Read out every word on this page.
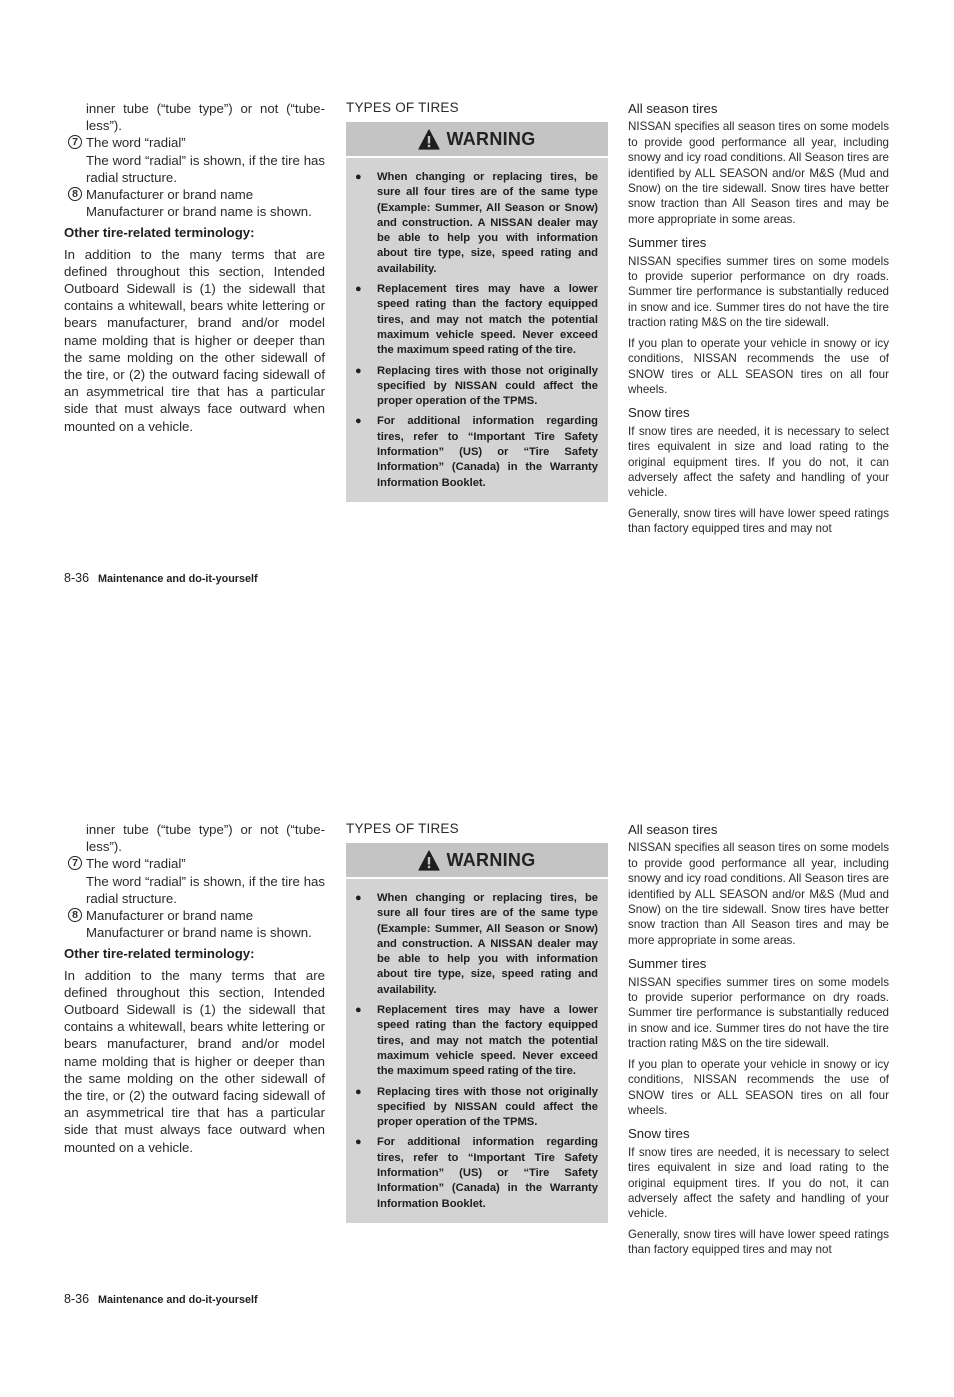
inner tube (“tube type”) or not (“tube-less”).
7 The word “radial”
The word “radial” is shown, if the tire has radial structure.
8 Manufacturer or brand name
Manufacturer or brand name is shown.
Other tire-related terminology:
In addition to the many terms that are defined throughout this section, Intended Outboard Sidewall is (1) the sidewall that contains a whitewall, bears white lettering or bears manufacturer, brand and/or model name molding that is higher or deeper than the same molding on the other sidewall of the tire, or (2) the outward facing sidewall of an asymmetrical tire that has a particular side that must always face outward when mounted on a vehicle.
TYPES OF TIRES
WARNING
●	When changing or replacing tires, be sure all four tires are of the same type (Example: Summer, All Season or Snow) and construction. A NISSAN dealer may be able to help you with information about tire type, size, speed rating and availability.
●	Replacement tires may have a lower speed rating than the factory equipped tires, and may not match the potential maximum vehicle speed. Never exceed the maximum speed rating of the tire.
●	Replacing tires with those not originally specified by NISSAN could affect the proper operation of the TPMS.
●	For additional information regarding tires, refer to “Important Tire Safety Information” (US) or “Tire Safety Information” (Canada) in the Warranty Information Booklet.
All season tires
NISSAN specifies all season tires on some models to provide good performance all year, including snowy and icy road conditions. All Season tires are identified by ALL SEASON and/or M&S (Mud and Snow) on the tire sidewall. Snow tires have better snow traction than All Season tires and may be more appropriate in some areas.
Summer tires
NISSAN specifies summer tires on some models to provide superior performance on dry roads. Summer tire performance is substantially reduced in snow and ice. Summer tires do not have the tire traction rating M&S on the tire sidewall.
If you plan to operate your vehicle in snowy or icy conditions, NISSAN recommends the use of SNOW tires or ALL SEASON tires on all four wheels.
Snow tires
If snow tires are needed, it is necessary to select tires equivalent in size and load rating to the original equipment tires. If you do not, it can adversely affect the safety and handling of your vehicle.
Generally, snow tires will have lower speed ratings than factory equipped tires and may not
8-36 Maintenance and do-it-yourself
inner tube (“tube type”) or not (“tube-less”).
7 The word “radial”
The word “radial” is shown, if the tire has radial structure.
8 Manufacturer or brand name
Manufacturer or brand name is shown.
Other tire-related terminology:
In addition to the many terms that are defined throughout this section, Intended Outboard Sidewall is (1) the sidewall that contains a whitewall, bears white lettering or bears manufacturer, brand and/or model name molding that is higher or deeper than the same molding on the other sidewall of the tire, or (2) the outward facing sidewall of an asymmetrical tire that has a particular side that must always face outward when mounted on a vehicle.
TYPES OF TIRES
WARNING
●	When changing or replacing tires, be sure all four tires are of the same type (Example: Summer, All Season or Snow) and construction. A NISSAN dealer may be able to help you with information about tire type, size, speed rating and availability.
●	Replacement tires may have a lower speed rating than the factory equipped tires, and may not match the potential maximum vehicle speed. Never exceed the maximum speed rating of the tire.
●	Replacing tires with those not originally specified by NISSAN could affect the proper operation of the TPMS.
●	For additional information regarding tires, refer to “Important Tire Safety Information” (US) or “Tire Safety Information” (Canada) in the Warranty Information Booklet.
All season tires
NISSAN specifies all season tires on some models to provide good performance all year, including snowy and icy road conditions. All Season tires are identified by ALL SEASON and/or M&S (Mud and Snow) on the tire sidewall. Snow tires have better snow traction than All Season tires and may be more appropriate in some areas.
Summer tires
NISSAN specifies summer tires on some models to provide superior performance on dry roads. Summer tire performance is substantially reduced in snow and ice. Summer tires do not have the tire traction rating M&S on the tire sidewall.
If you plan to operate your vehicle in snowy or icy conditions, NISSAN recommends the use of SNOW tires or ALL SEASON tires on all four wheels.
Snow tires
If snow tires are needed, it is necessary to select tires equivalent in size and load rating to the original equipment tires. If you do not, it can adversely affect the safety and handling of your vehicle.
Generally, snow tires will have lower speed ratings than factory equipped tires and may not
8-36 Maintenance and do-it-yourself
